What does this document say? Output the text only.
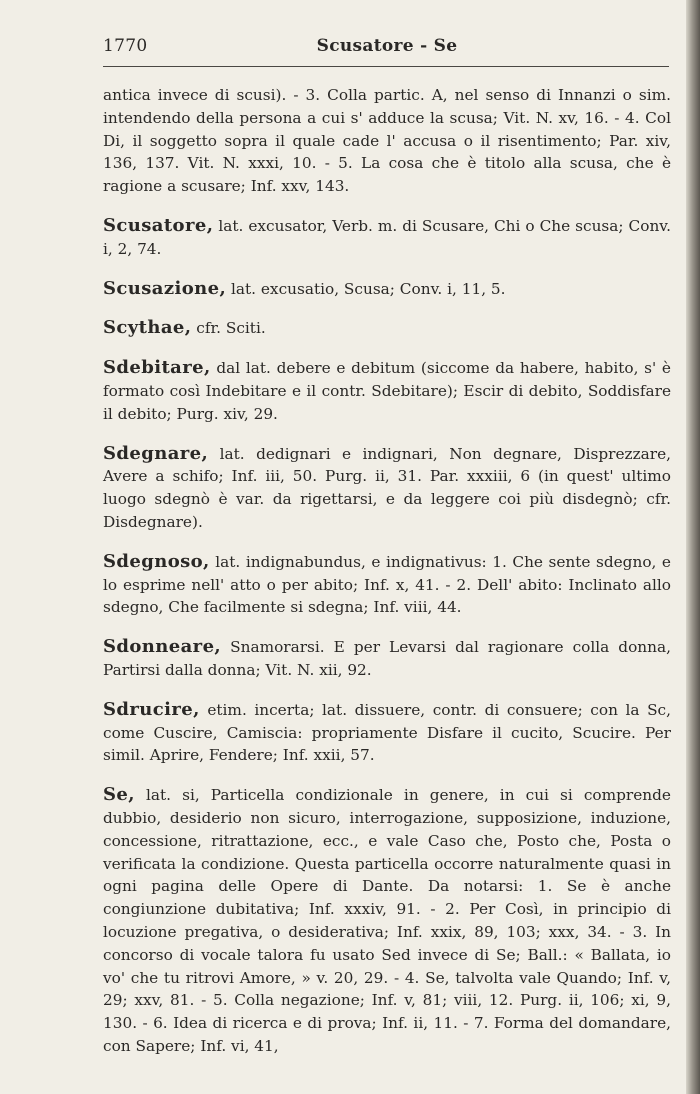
1770	Scusatore - Se

antica invece di scusi). - 3. Colla partic. A, nel senso di Innanzi o sim. intendendo della persona a cui s' adduce la scusa; Vit. N. xv, 16. - 4. Col Di, il soggetto sopra il quale cade l' accusa o il risentimento; Par. xiv, 136, 137. Vit. N. xxxi, 10. - 5. La cosa che è titolo alla scusa, che è ragione a scusare; Inf. xxv, 143.

Scusatore, lat. excusator, Verb. m. di Scusare, Chi o Che scusa; Conv. i, 2, 74.

Scusazione, lat. excusatio, Scusa; Conv. i, 11, 5.

Scythae, cfr. Sciti.

Sdebitare, dal lat. debere e debitum (siccome da habere, habito, s' è formato così Indebitare e il contr. Sdebitare); Escir di debito, Soddisfare il debito; Purg. xiv, 29.

Sdegnare, lat. dedignari e indignari, Non degnare, Disprezzare, Avere a schifo; Inf. iii, 50. Purg. ii, 31. Par. xxxiii, 6 (in quest' ultimo luogo sdegnò è var. da rigettarsi, e da leggere coi più disdegnò; cfr. Disdegnare).

Sdegnoso, lat. indignabundus, e indignativus: 1. Che sente sdegno, e lo esprime nell' atto o per abito; Inf. x, 41. - 2. Dell' abito: Inclinato allo sdegno, Che facilmente si sdegna; Inf. viii, 44.

Sdonneare, Snamorarsi. E per Levarsi dal ragionare colla donna, Partirsi dalla donna; Vit. N. xii, 92.

Sdrucire, etim. incerta; lat. dissuere, contr. di consuere; con la Sc, come Cuscire, Camiscia: propriamente Disfare il cucito, Scucire. Per simil. Aprire, Fendere; Inf. xxii, 57.

Se, lat. si, Particella condizionale in genere, in cui si comprende dubbio, desiderio non sicuro, interrogazione, supposizione, induzione, concessione, ritrattazione, ecc., e vale Caso che, Posto che, Posta o verificata la condizione. Questa particella occorre naturalmente quasi in ogni pagina delle Opere di Dante. Da notarsi: 1. Se è anche congiunzione dubitativa; Inf. xxxiv, 91. - 2. Per Così, in principio di locuzione pregativa, o desiderativa; Inf. xxix, 89, 103; xxx, 34. - 3. In concorso di vocale talora fu usato Sed invece di Se; Ball.: « Ballata, io vo' che tu ritrovi Amore, » v. 20, 29. - 4. Se, talvolta vale Quando; Inf. v, 29; xxv, 81. - 5. Colla negazione; Inf. v, 81; viii, 12. Purg. ii, 106; xi, 9, 130. - 6. Idea di ricerca e di prova; Inf. ii, 11. - 7. Forma del domandare, con Sapere; Inf. vi, 41,
